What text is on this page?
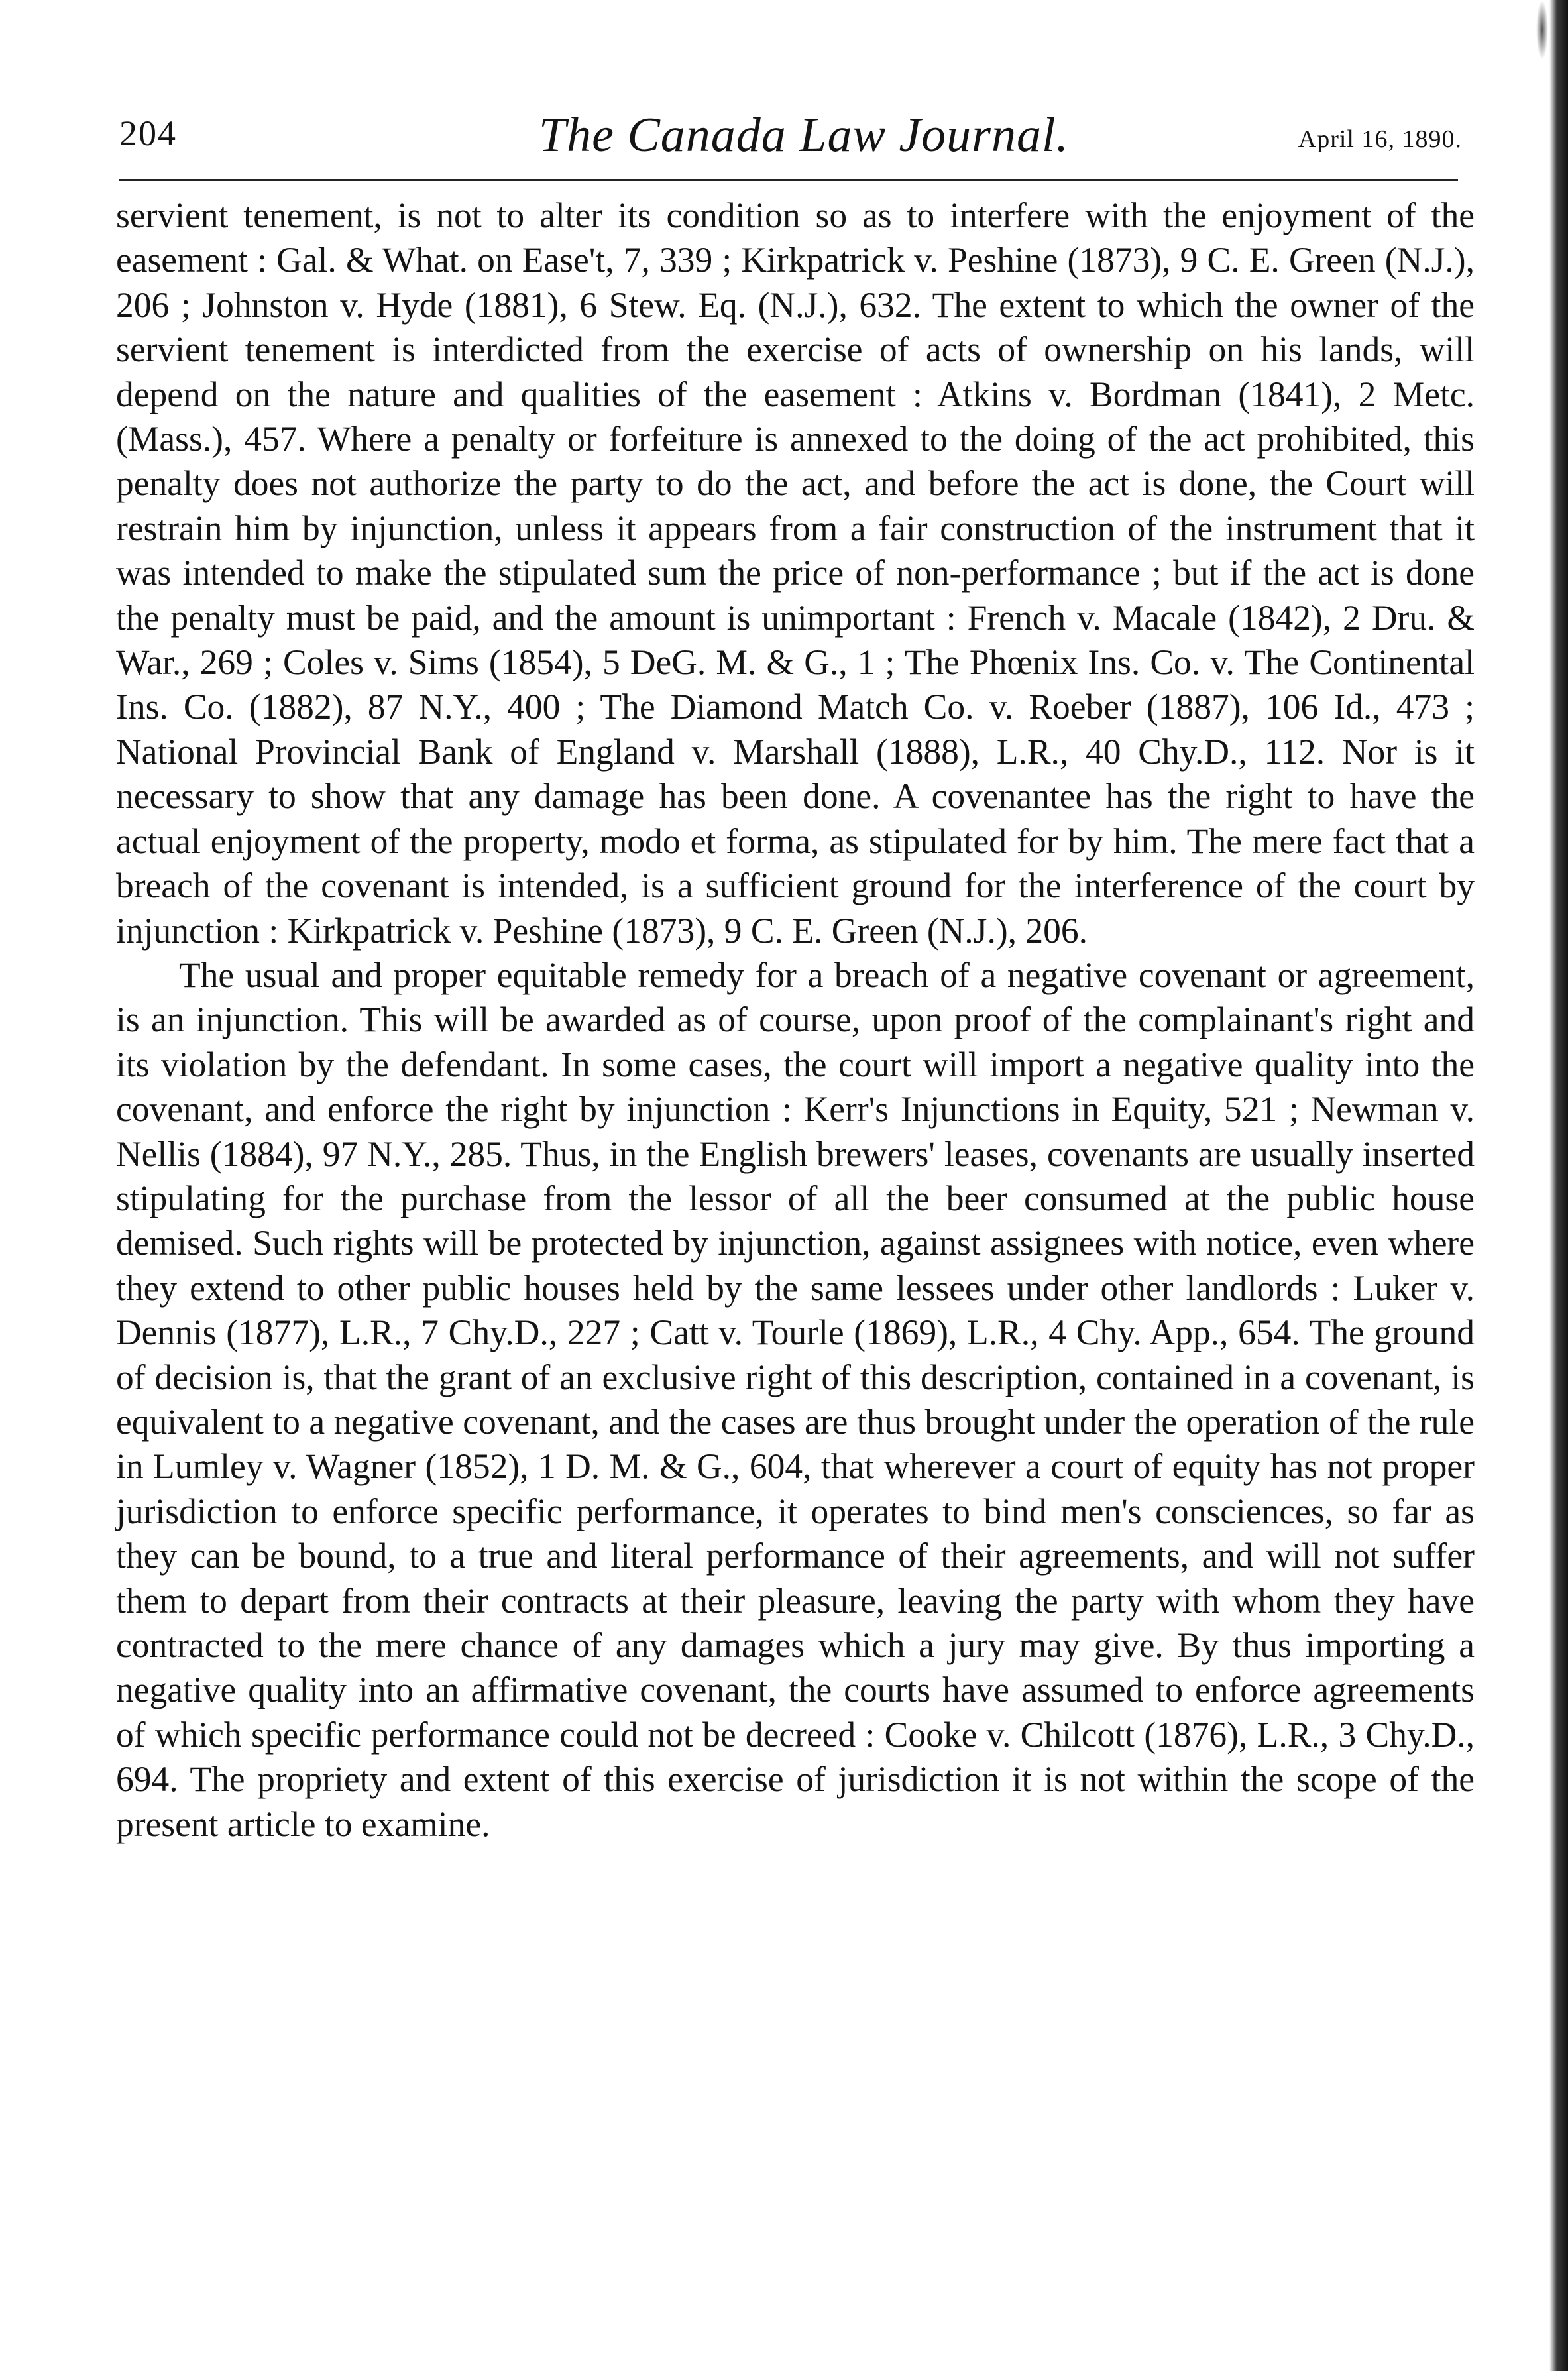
204	The Canada Law Journal.	April 16, 1890.

servient tenement, is not to alter its condition so as to interfere with the enjoyment of the easement : Gal. & What. on Ease't, 7, 339 ; Kirkpatrick v. Peshine (1873), 9 C. E. Green (N.J.), 206 ; Johnston v. Hyde (1881), 6 Stew. Eq. (N.J.), 632. The extent to which the owner of the servient tenement is interdicted from the exercise of acts of ownership on his lands, will depend on the nature and qualities of the easement : Atkins v. Bordman (1841), 2 Metc. (Mass.), 457. Where a penalty or forfeiture is annexed to the doing of the act prohibited, this penalty does not authorize the party to do the act, and before the act is done, the Court will restrain him by injunction, unless it appears from a fair construction of the instrument that it was intended to make the stipulated sum the price of non-performance ; but if the act is done the penalty must be paid, and the amount is unimportant : French v. Macale (1842), 2 Dru. & War., 269 ; Coles v. Sims (1854), 5 DeG. M. & G., 1 ; The Phœnix Ins. Co. v. The Continental Ins. Co. (1882), 87 N.Y., 400 ; The Diamond Match Co. v. Roeber (1887), 106 Id., 473 ; National Provincial Bank of England v. Marshall (1888), L.R., 40 Chy.D., 112. Nor is it necessary to show that any damage has been done. A covenantee has the right to have the actual enjoyment of the property, modo et forma, as stipulated for by him. The mere fact that a breach of the covenant is intended, is a sufficient ground for the interference of the court by injunction : Kirkpatrick v. Peshine (1873), 9 C. E. Green (N.J.), 206.

The usual and proper equitable remedy for a breach of a negative covenant or agreement, is an injunction. This will be awarded as of course, upon proof of the complainant's right and its violation by the defendant. In some cases, the court will import a negative quality into the covenant, and enforce the right by injunction : Kerr's Injunctions in Equity, 521 ; Newman v. Nellis (1884), 97 N.Y., 285. Thus, in the English brewers' leases, covenants are usually inserted stipulating for the purchase from the lessor of all the beer consumed at the public house demised. Such rights will be protected by injunction, against assignees with notice, even where they extend to other public houses held by the same lessees under other landlords : Luker v. Dennis (1877), L.R., 7 Chy.D., 227 ; Catt v. Tourle (1869), L.R., 4 Chy. App., 654. The ground of decision is, that the grant of an exclusive right of this description, contained in a covenant, is equivalent to a negative covenant, and the cases are thus brought under the operation of the rule in Lumley v. Wagner (1852), 1 D. M. & G., 604, that wherever a court of equity has not proper jurisdiction to enforce specific performance, it operates to bind men's consciences, so far as they can be bound, to a true and literal performance of their agreements, and will not suffer them to depart from their contracts at their pleasure, leaving the party with whom they have contracted to the mere chance of any damages which a jury may give. By thus importing a negative quality into an affirmative covenant, the courts have assumed to enforce agreements of which specific performance could not be decreed : Cooke v. Chilcott (1876), L.R., 3 Chy.D., 694. The propriety and extent of this exercise of jurisdiction it is not within the scope of the present article to examine.
